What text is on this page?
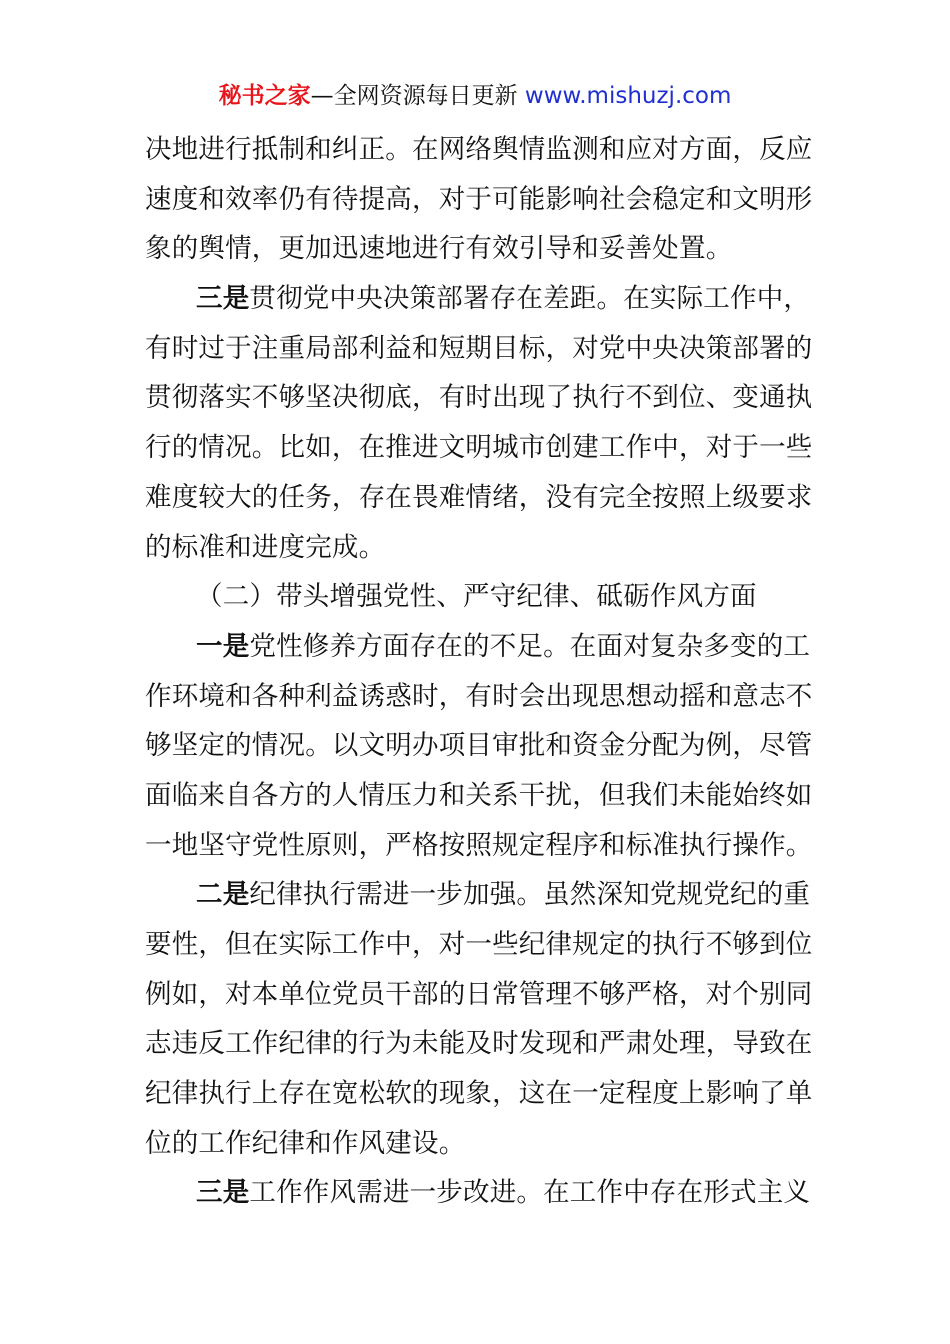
秘书之家—全网资源每日更新 www.mishuzj.com
决地进行抵制和纠正。在网络舆情监测和应对方面，反应
速度和效率仍有待提高，对于可能影响社会稳定和文明形
象的舆情，更加迅速地进行有效引导和妥善处置。
三是贯彻党中央决策部署存在差距。在实际工作中，
有时过于注重局部利益和短期目标，对党中央决策部署的
贯彻落实不够坚决彻底，有时出现了执行不到位、变通执
行的情况。比如，在推进文明城市创建工作中，对于一些
难度较大的任务，存在畏难情绪，没有完全按照上级要求
的标准和进度完成。
（二）带头增强党性、严守纪律、砥砺作风方面
一是党性修养方面存在的不足。在面对复杂多变的工
作环境和各种利益诱惑时，有时会出现思想动摇和意志不
够坚定的情况。以文明办项目审批和资金分配为例，尽管
面临来自各方的人情压力和关系干扰，但我们未能始终如
一地坚守党性原则，严格按照规定程序和标准执行操作。
二是纪律执行需进一步加强。虽然深知党规党纪的重
要性，但在实际工作中，对一些纪律规定的执行不够到位
例如，对本单位党员干部的日常管理不够严格，对个别同
志违反工作纪律的行为未能及时发现和严肃处理，导致在
纪律执行上存在宽松软的现象，这在一定程度上影响了单
位的工作纪律和作风建设。
三是工作作风需进一步改进。在工作中存在形式主义
